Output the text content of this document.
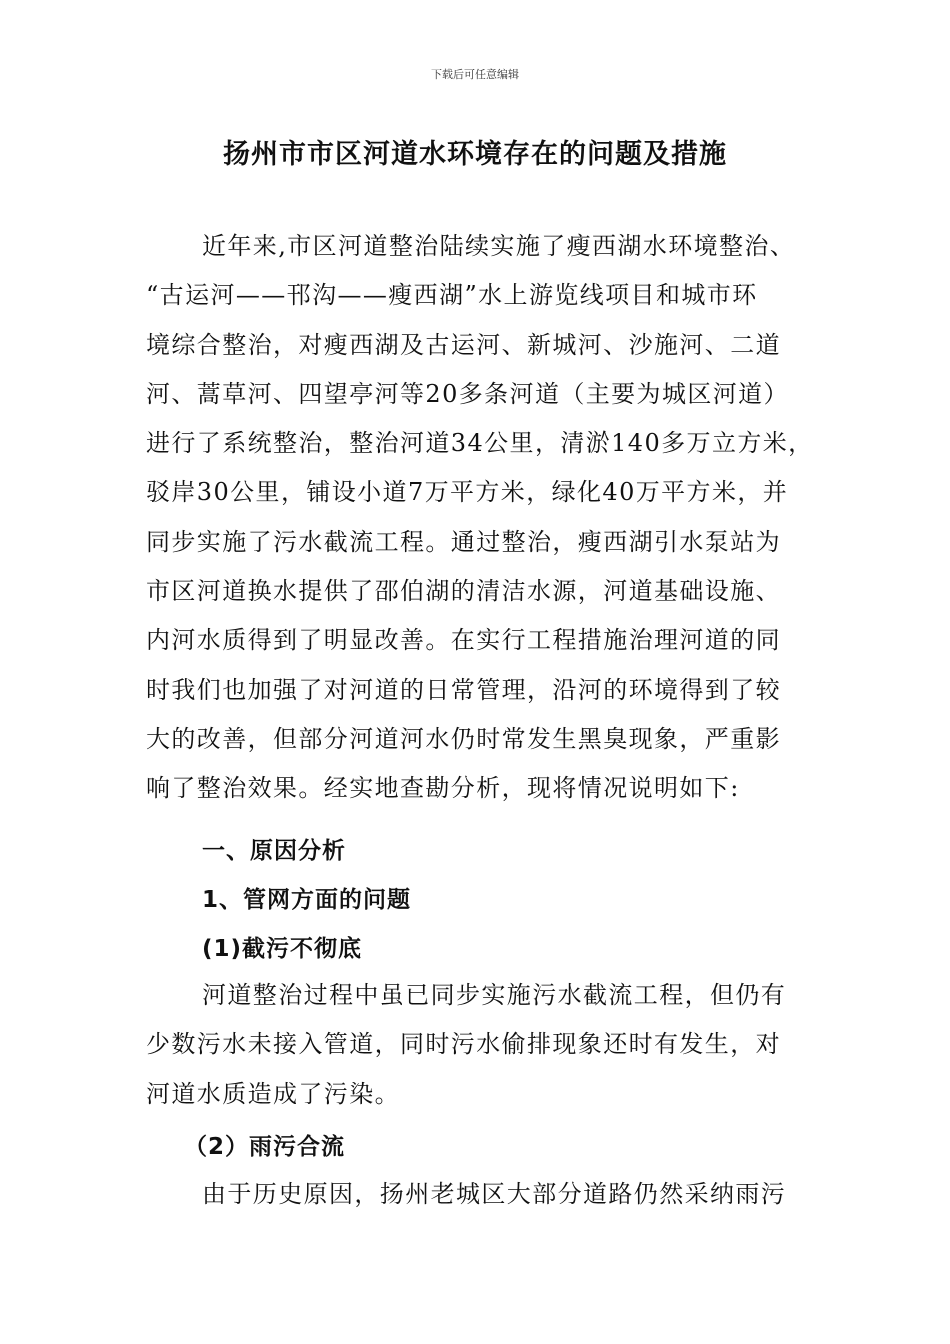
下载后可任意编辑
扬州市市区河道水环境存在的问题及措施
近年来,市区河道整治陆续实施了瘦西湖水环境整治、
“古运河——邗沟——瘦西湖”水上游览线项目和城市环
境综合整治，对瘦西湖及古运河、新城河、沙施河、二道
河、蒿草河、四望亭河等20多条河道（主要为城区河道）
进行了系统整治，整治河道34公里，清淤140多万立方米，
驳岸30公里，铺设小道7万平方米，绿化40万平方米，并
同步实施了污水截流工程。通过整治，瘦西湖引水泵站为
市区河道换水提供了邵伯湖的清洁水源，河道基础设施、
内河水质得到了明显改善。在实行工程措施治理河道的同
时我们也加强了对河道的日常管理，沿河的环境得到了较
大的改善，但部分河道河水仍时常发生黑臭现象，严重影
响了整治效果。经实地查勘分析，现将情况说明如下:
一、原因分析
1、管网方面的问题
(1)截污不彻底
河道整治过程中虽已同步实施污水截流工程，但仍有
少数污水未接入管道，同时污水偷排现象还时有发生，对
河道水质造成了污染。
（2）雨污合流
由于历史原因，扬州老城区大部分道路仍然采纳雨污
